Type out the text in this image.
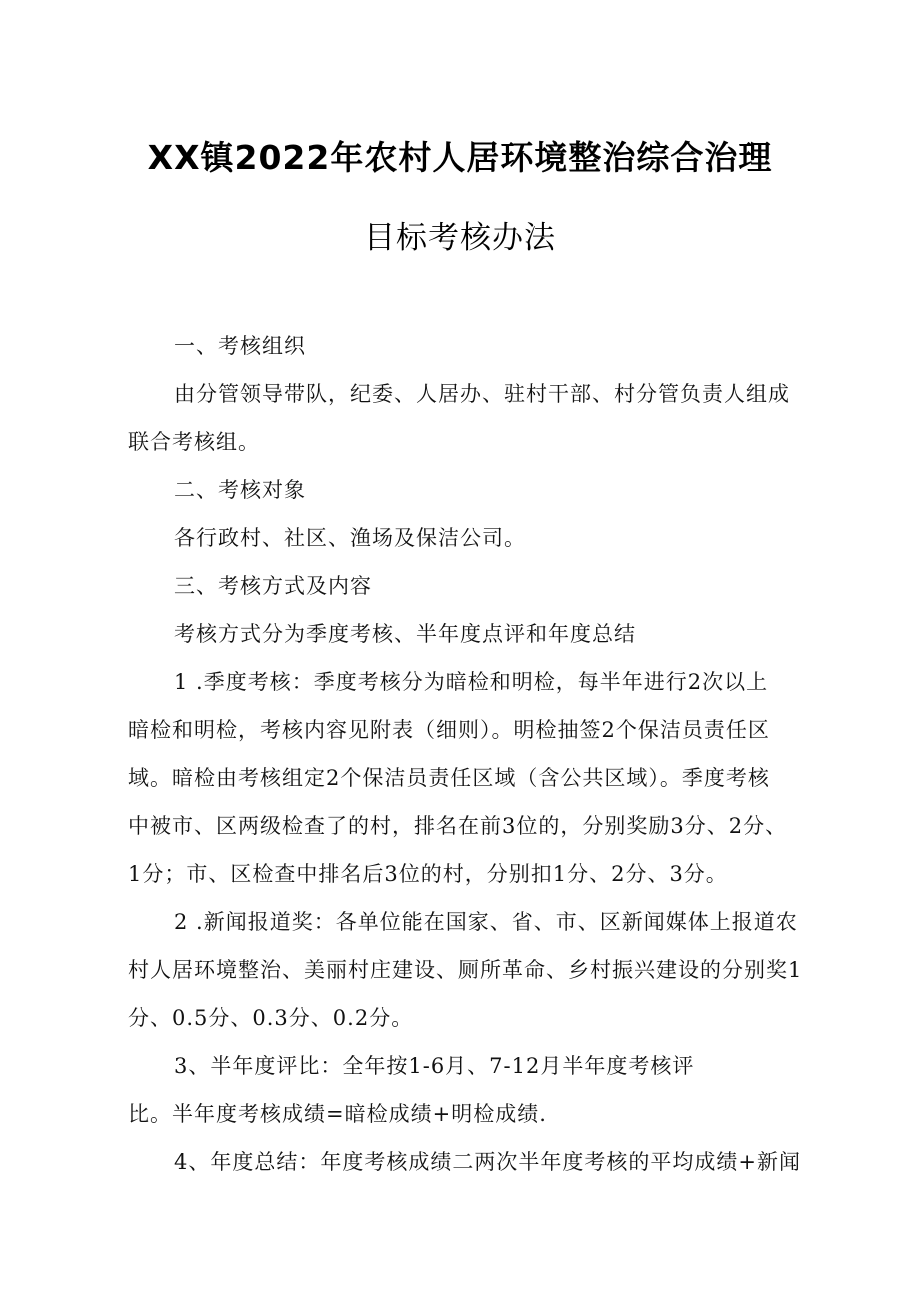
XX镇2022年农村人居环境整治综合治理
目标考核办法

一、考核组织

由分管领导带队，纪委、人居办、驻村干部、村分管负责人组成

联合考核组。

二、考核对象

各行政村、社区、渔场及保洁公司。

三、考核方式及内容

考核方式分为季度考核、半年度点评和年度总结

1 .季度考核：季度考核分为暗检和明检，每半年进行2次以上

暗检和明检，考核内容见附表（细则）。明检抽签2个保洁员责任区
域。暗检由考核组定2个保洁员责任区域（含公共区域）。季度考核
中被市、区两级检查了的村，排名在前3位的，分别奖励3分、2分、
1分；市、区检查中排名后3位的村，分别扣1分、2分、3分。

2 .新闻报道奖：各单位能在国家、省、市、区新闻媒体上报道农

村人居环境整治、美丽村庄建设、厕所革命、乡村振兴建设的分别奖1
分、0.5分、0.3分、0.2分。

3、半年度评比：全年按1-6月、7-12月半年度考核评

比。半年度考核成绩=暗检成绩+明检成绩.

4、年度总结：年度考核成绩二两次半年度考核的平均成绩+新闻
